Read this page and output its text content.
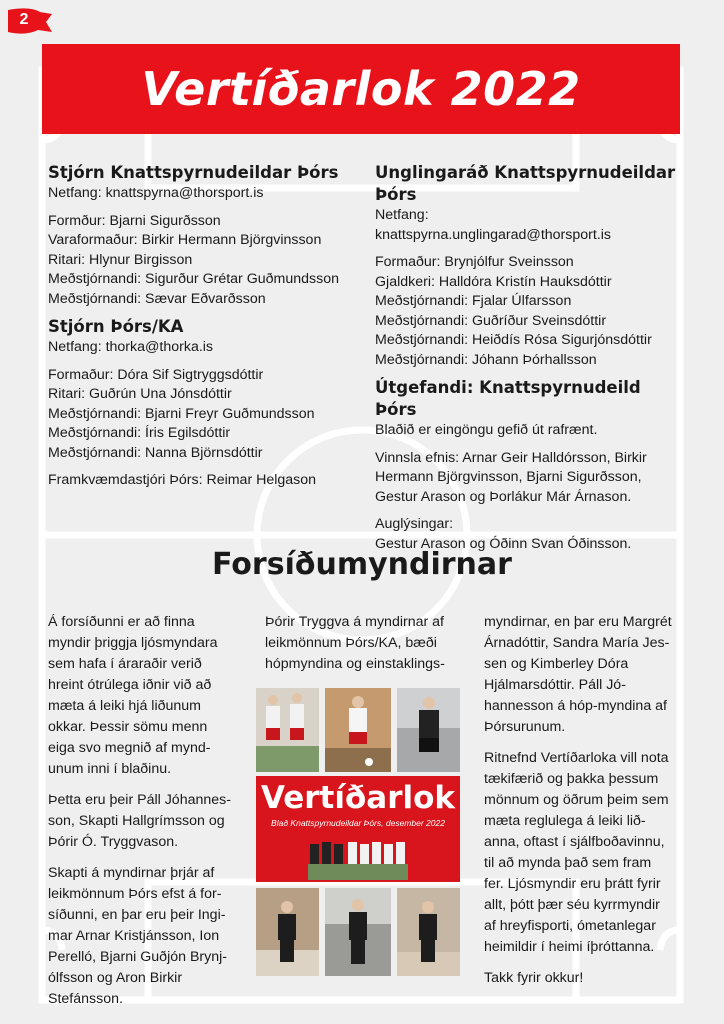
2
Vertíðarlok 2022
Stjórn Knattspyrnudeildar Þórs

Netfang: knattspyrna@thorsport.is

Formður: Bjarni Sigurðsson

Varaformaður: Birkir Hermann Björgvinsson

Ritari: Hlynur Birgisson

Meðstjórnandi: Sigurður Grétar Guðmundsson

Meðstjórnandi: Sævar Eðvarðsson

Stjórn Þórs/KA

Netfang: thorka@thorka.is

Formaður: Dóra Sif Sigtryggsdóttir

Ritari: Guðrún Una Jónsdóttir

Meðstjórnandi: Bjarni Freyr Guðmundsson

Meðstjórnandi: Íris Egilsdóttir

Meðstjórnandi: Nanna Björnsdóttir

Framkvæmdastjóri Þórs: Reimar Helgason

Unglingaráð Knattspyrnudeildar Þórs

Netfang:

knattspyrna.unglingarad@thorsport.is

Formaður: Brynjólfur Sveinsson

Gjaldkeri: Halldóra Kristín Hauksdóttir

Meðstjórnandi: Fjalar Úlfarsson

Meðstjórnandi: Guðríður Sveinsdóttir

Meðstjórnandi: Heiðdís Rósa Sigurjónsdóttir

Meðstjórnandi: Jóhann Þórhallsson

Útgefandi: Knattspyrnudeild Þórs

Blaðið er eingöngu gefið út rafrænt.

Vinnsla efnis: Arnar Geir Halldórsson, Birkir

Hermann Björgvinsson, Bjarni Sigurðsson,

Gestur Arason og Þorlákur Már Árnason.

Auglýsingar:

Gestur Arason og Óðinn Svan Óðinsson.

Forsíðumyndirnar

Á forsíðunni er að finna
myndir þriggja ljósmyndara
sem hafa í áraraðir verið
hreint ótrúlega iðnir við að
mæta á leiki hjá liðunum
okkar. Þessir sömu menn
eiga svo megnið af mynd-
unum inni í blaðinu.

Þetta eru þeir Páll Jóhannes-
son, Skapti Hallgrímsson og
Þórir Ó. Tryggvason.

Skapti á myndirnar þrjár af
leikmönnum Þórs efst á for-
síðunni, en þar eru þeir Ingi-
mar Arnar Kristjánsson, Ion
Perelló, Bjarni Guðjón Brynj-
ólfsson og Aron Birkir
Stefánsson.

Þórir Tryggva á myndirnar af
leikmönnum Þórs/KA, bæði
hópmyndina og einstaklings-

Vertíðarlok
Blað Knattspyrnudeildar Þórs, desember 2022

myndirnar, en þar eru Margrét
Árnadóttir, Sandra María Jes-
sen og Kimberley Dóra
Hjálmarsdóttir. Páll Jó-
hannesson á hóp-myndina af
Þórsurunum.

Ritnefnd Vertíðarloka vill nota
tækifærið og þakka þessum
mönnum og öðrum þeim sem
mæta reglulega á leiki lið-
anna, oftast í sjálfboðavinnu,
til að mynda það sem fram
fer. Ljósmyndir eru þrátt fyrir
allt, þótt þær séu kyrrmyndir
af hreyfisporti, ómetanlegar
heimildir í heimi íþróttanna.

Takk fyrir okkur!
